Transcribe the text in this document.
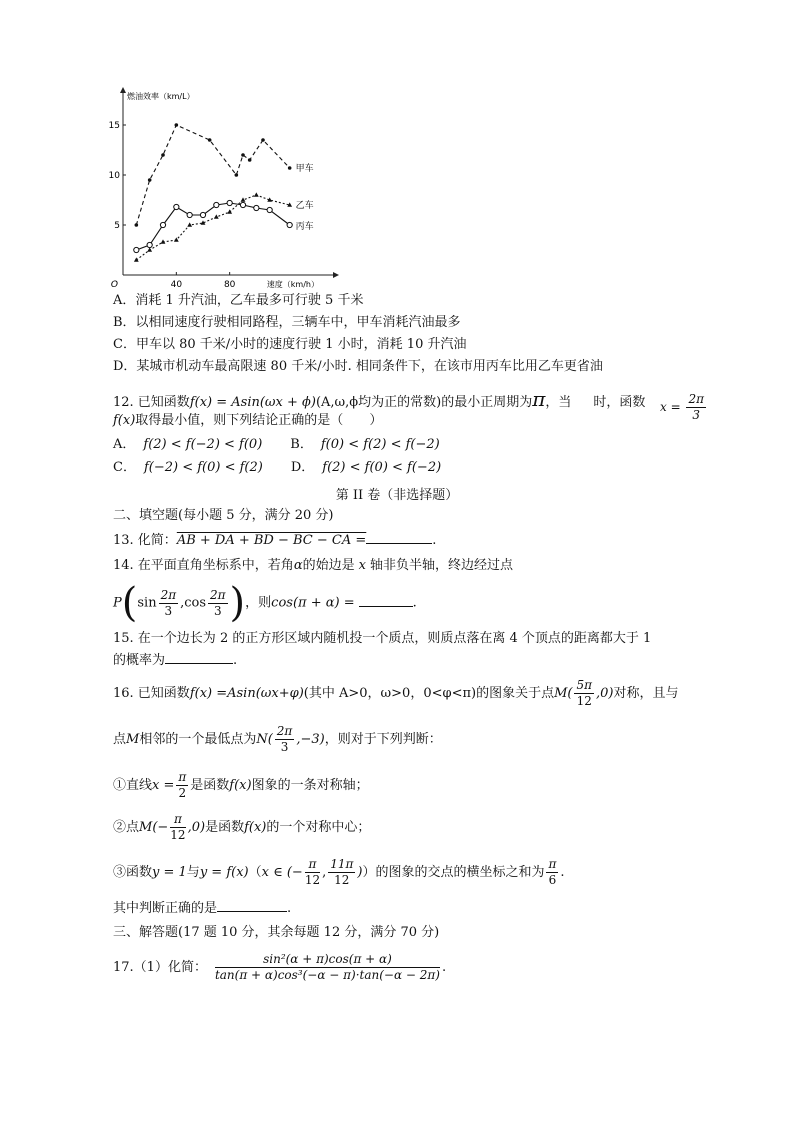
40	80
5
10
15
O
燃油效率（km/L）
速度（km/h）
甲车
乙车
丙车
A．消耗 1 升汽油，乙车最多可行驶 5 千米
B．以相同速度行驶相同路程，三辆车中，甲车消耗汽油最多
C．甲车以 80 千米/小时的速度行驶 1 小时，消耗 10 升汽油
D．某城市机动车最高限速 80 千米/小时. 相同条件下，在该市用丙车比用乙车更省油
12. 已知函数f(x) = Asin(ωx + ϕ)(A,ω,ϕ均为正的常数)的最小正周期为π，当 时，函数 $x = \frac{2\pi}{3}$
f(x)取得最小值，则下列结论正确的是（ ）
A． f(2) < f(−2) < f(0) B． f(0) < f(2) < f(−2)
C． f(−2) < f(0) < f(2) D． f(2) < f(0) < f(−2)
第 II 卷（非选择题）
二、填空题(每小题 5 分，满分 20 分)
13. 化简：AB + DA + BD − BC − CA =	.
14. 在平面直角坐标系中，若角α的始边是 x 轴非负半轴，终边经过点
$P(\sin \frac{2\pi}{3} ,\cos \frac{2\pi}{3}$ )，则cos(π + α) =	.
15. 在一个边长为 2 的正方形区域内随机投一个质点，则质点落在离 4 个顶点的距离都大于 1
的概率为	.
16. 已知函数f(x) =Asin(ωx+φ)(其中 A>0，ω>0，0<φ<π)的图象关于点$M( \frac{5\pi}{12} ,0)$对称，且与
点M相邻的一个最低点为$N( \frac{2\pi}{3} ,-3)$，则对于下列判断：
①直线$x = \frac{\pi}{2}$ 是函数f(x)图象的一条对称轴；
②点$M(- \frac{\pi}{12} ,0)$是函数f(x)的一个对称中心；
③函数y = 1与y = f(x)（x ∈ (− $\frac{\pi}{12}$ , $\frac{11\pi}{12}$ )）的图象的交点的横坐标之和为 $\frac{\pi}{6}$ .
其中判断正确的是	.
三、解答题(17 题 10 分，其余每题 12 分，满分 70 分)
17.（1）化简： $\frac{\text{sin²(α + π)cos(π + α)}}{\text{tan(π + α)cos³(−α − π)·tan(−α − 2π)}}$ .
